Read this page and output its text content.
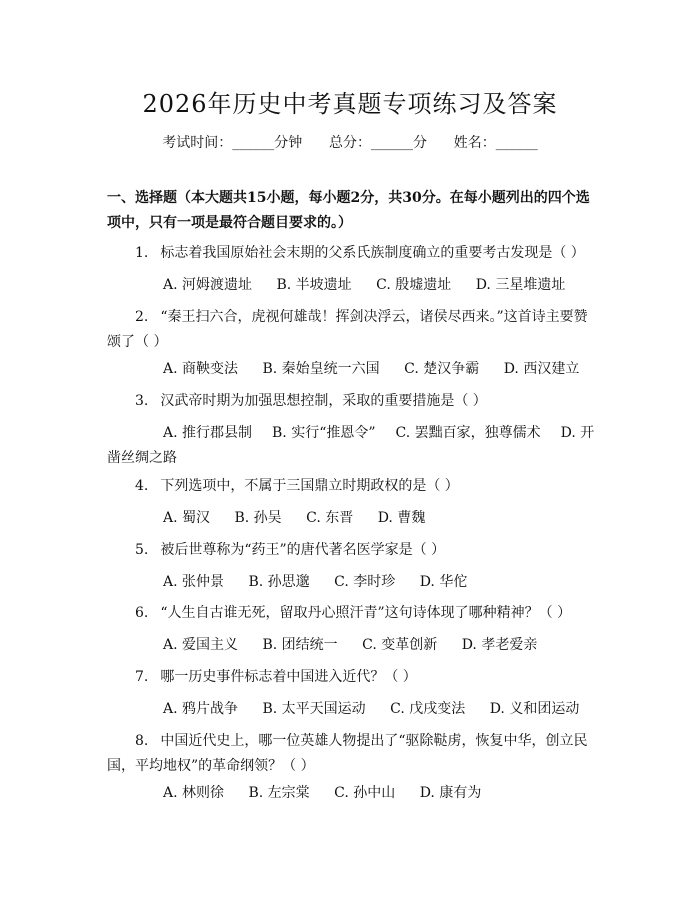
2026年历史中考真题专项练习及答案
考试时间：______分钟 总分：______分 姓名：______
一、选择题（本大题共15小题，每小题2分，共30分。在每小题列出的四个选项中，只有一项是最符合题目要求的。）
1. 标志着我国原始社会末期的父系氏族制度确立的重要考古发现是（ ）
A. 河姆渡遗址 B. 半坡遗址 C. 殷墟遗址 D. 三星堆遗址
2. “秦王扫六合，虎视何雄哉！挥剑决浮云，诸侯尽西来。”这首诗主要赞颂了（ ）
A. 商鞅变法 B. 秦始皇统一六国 C. 楚汉争霸 D. 西汉建立
3. 汉武帝时期为加强思想控制，采取的重要措施是（ ）
A. 推行郡县制 B. 实行“推恩令” C. 罢黜百家，独尊儒术 D. 开凿丝绸之路
4. 下列选项中，不属于三国鼎立时期政权的是（ ）
A. 蜀汉 B. 孙吴 C. 东晋 D. 曹魏
5. 被后世尊称为“药王”的唐代著名医学家是（ ）
A. 张仲景 B. 孙思邈 C. 李时珍 D. 华佗
6. “人生自古谁无死，留取丹心照汗青”这句诗体现了哪种精神？（ ）
A. 爱国主义 B. 团结统一 C. 变革创新 D. 孝老爱亲
7. 哪一历史事件标志着中国进入近代？（ ）
A. 鸦片战争 B. 太平天国运动 C. 戊戌变法 D. 义和团运动
8. 中国近代史上，哪一位英雄人物提出了“驱除鞑虏，恢复中华，创立民国，平均地权”的革命纲领？（ ）
A. 林则徐 B. 左宗棠 C. 孙中山 D. 康有为
